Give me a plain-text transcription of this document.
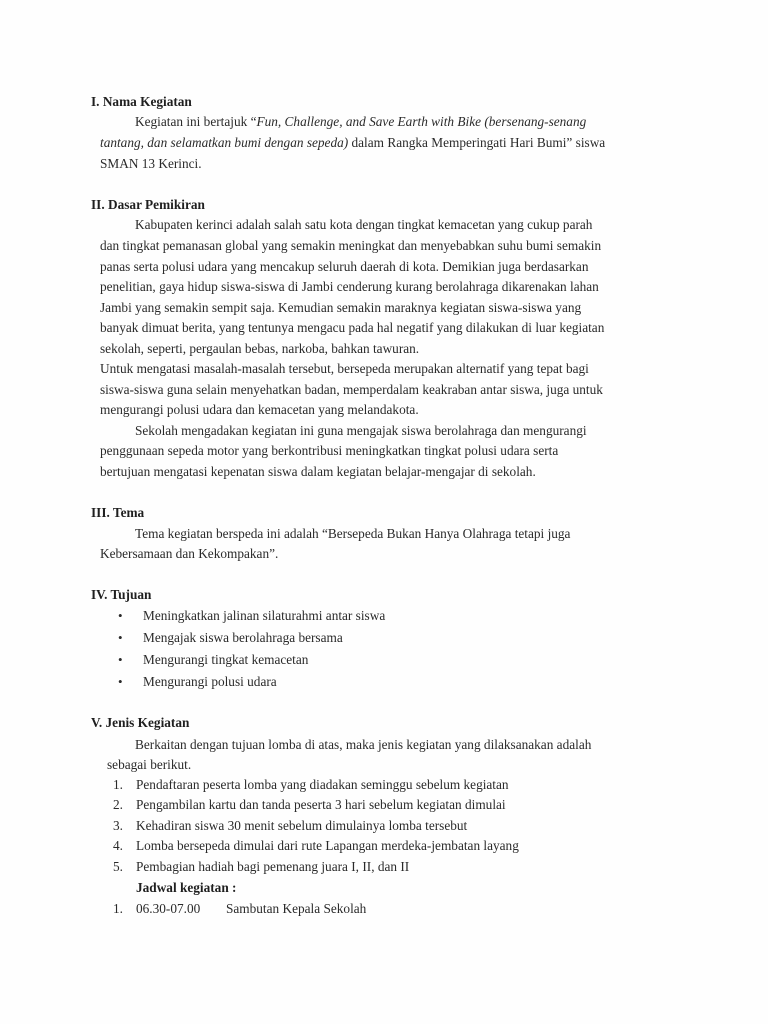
I. Nama Kegiatan
Kegiatan ini bertajuk “Fun, Challenge, and Save Earth with Bike (bersenang-senang
tantang, dan selamatkan bumi dengan sepeda) dalam Rangka Memperingati Hari Bumi” siswa
SMAN 13 Kerinci.
II. Dasar Pemikiran
Kabupaten kerinci adalah salah satu kota dengan tingkat kemacetan yang cukup parah
dan tingkat pemanasan global yang semakin meningkat dan menyebabkan suhu bumi semakin
panas serta polusi udara yang mencakup seluruh daerah di kota. Demikian juga berdasarkan
penelitian, gaya hidup siswa-siswa di Jambi cenderung kurang berolahraga dikarenakan lahan
Jambi yang semakin sempit saja. Kemudian semakin maraknya kegiatan siswa-siswa yang
banyak dimuat berita, yang tentunya mengacu pada hal negatif yang dilakukan di luar kegiatan
sekolah, seperti, pergaulan bebas, narkoba, bahkan tawuran.
Untuk mengatasi masalah-masalah tersebut, bersepeda merupakan alternatif yang tepat bagi
siswa-siswa guna selain menyehatkan badan, memperdalam keakraban antar siswa, juga untuk
mengurangi polusi udara dan kemacetan yang melandakota.
Sekolah mengadakan kegiatan ini guna mengajak siswa berolahraga dan mengurangi
penggunaan sepeda motor yang berkontribusi meningkatkan tingkat polusi udara serta
bertujuan mengatasi kepenatan siswa dalam kegiatan belajar-mengajar di sekolah.
III. Tema
Tema kegiatan berspeda ini adalah “Bersepeda Bukan Hanya Olahraga tetapi juga
Kebersamaan dan Kekompakan”.
IV. Tujuan
• Meningkatkan jalinan silaturahmi antar siswa
• Mengajak siswa berolahraga bersama
• Mengurangi tingkat kemacetan
• Mengurangi polusi udara
V. Jenis Kegiatan
Berkaitan dengan tujuan lomba di atas, maka jenis kegiatan yang dilaksanakan adalah
sebagai berikut.
1. Pendaftaran peserta lomba yang diadakan seminggu sebelum kegiatan
2. Pengambilan kartu dan tanda peserta 3 hari sebelum kegiatan dimulai
3. Kehadiran siswa 30 menit sebelum dimulainya lomba tersebut
4. Lomba bersepeda dimulai dari rute Lapangan merdeka-jembatan layang
5. Pembagian hadiah bagi pemenang juara I, II, dan II
Jadwal kegiatan :
1. 06.30-07.00 Sambutan Kepala Sekolah
